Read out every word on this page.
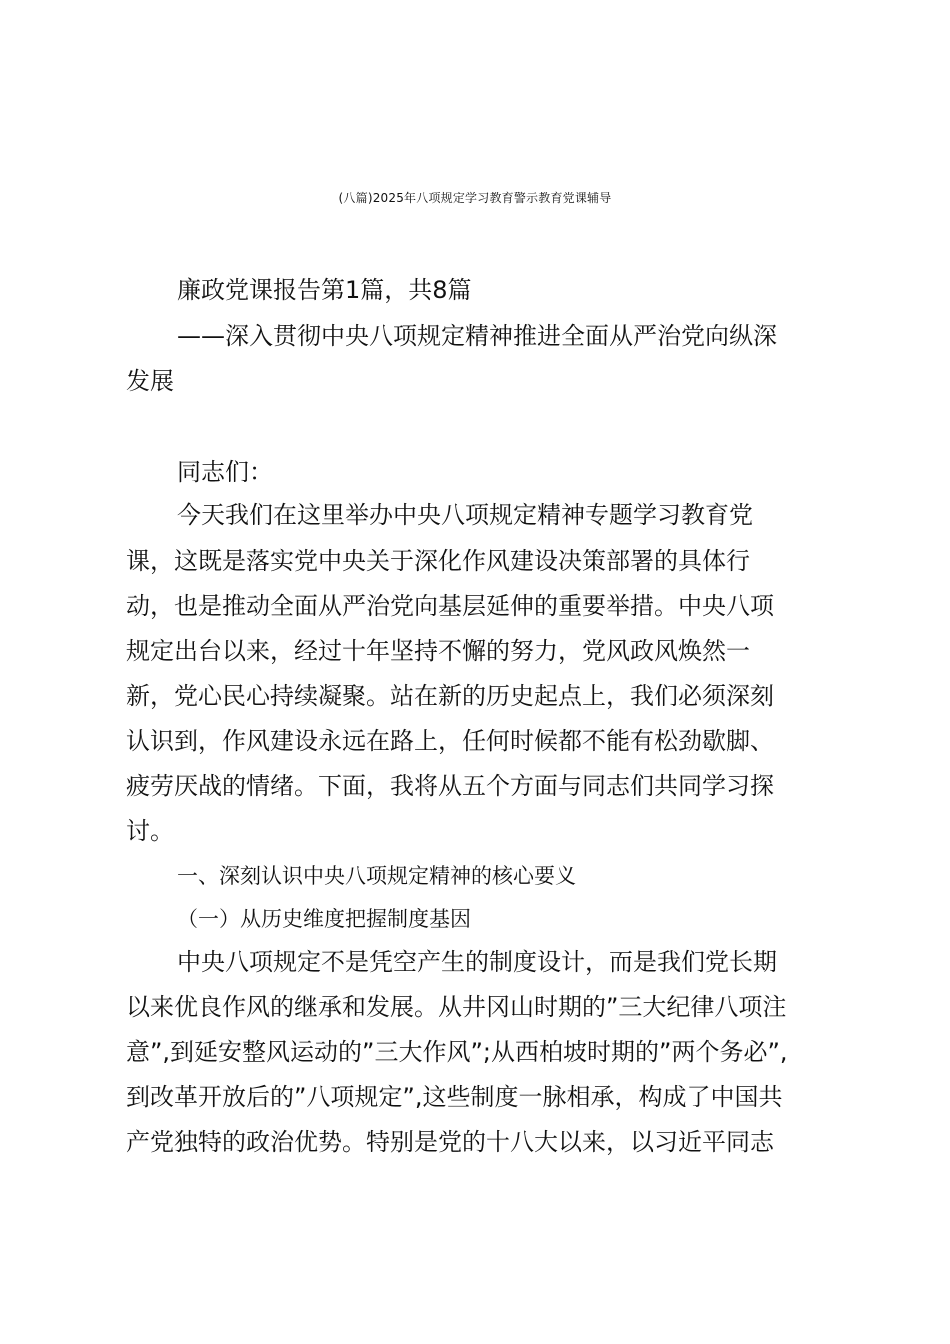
(八篇)2025年八项规定学习教育警示教育党课辅导
廉政党课报告第1篇，共8篇
——深入贯彻中央八项规定精神推进全面从严治党向纵深
发展
同志们：
今天我们在这里举办中央八项规定精神专题学习教育党
课，这既是落实党中央关于深化作风建设决策部署的具体行
动，也是推动全面从严治党向基层延伸的重要举措。中央八项
规定出台以来，经过十年坚持不懈的努力，党风政风焕然一
新，党心民心持续凝聚。站在新的历史起点上，我们必须深刻
认识到，作风建设永远在路上，任何时候都不能有松劲歇脚、
疲劳厌战的情绪。下面，我将从五个方面与同志们共同学习探
讨。
一、深刻认识中央八项规定精神的核心要义
（一）从历史维度把握制度基因
中央八项规定不是凭空产生的制度设计，而是我们党长期
以来优良作风的继承和发展。从井冈山时期的”三大纪律八项注
意”,到延安整风运动的”三大作风”;从西柏坡时期的”两个务必”,
到改革开放后的”八项规定”,这些制度一脉相承，构成了中国共
产党独特的政治优势。特别是党的十八大以来，以习近平同志
